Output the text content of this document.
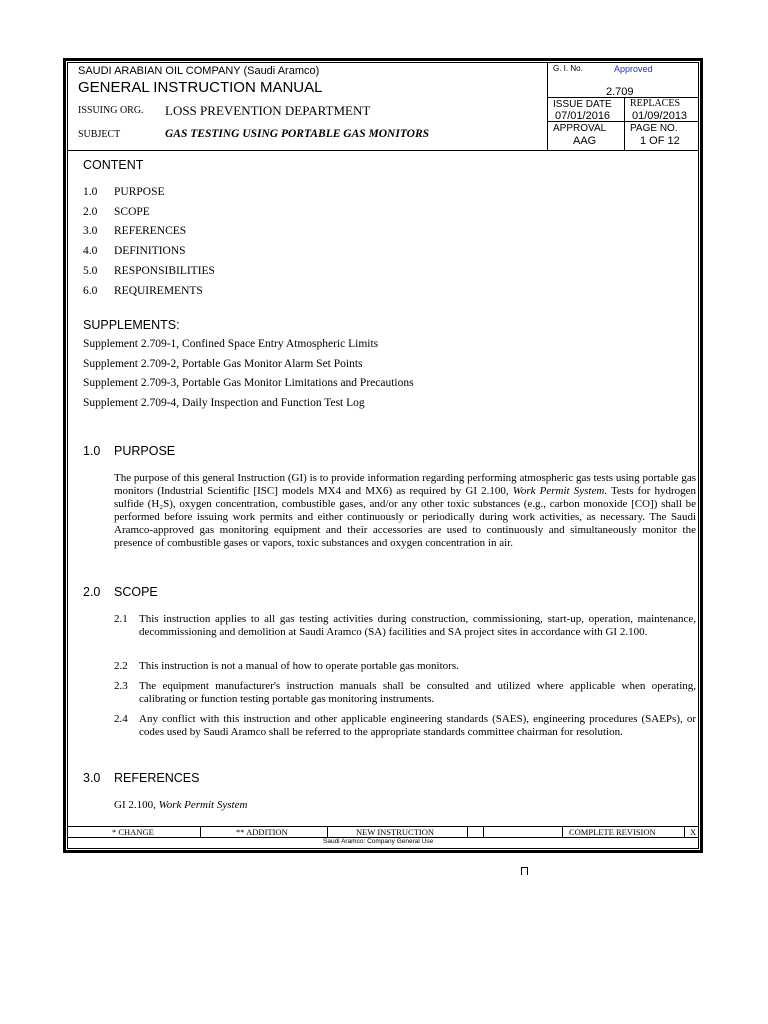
SAUDI ARABIAN OIL COMPANY (Saudi Aramco)
GENERAL INSTRUCTION MANUAL
ISSUING ORG. LOSS PREVENTION DEPARTMENT
SUBJECT	GAS TESTING USING PORTABLE GAS MONITORS
G. I. No.	Approved
2.709
ISSUE DATE
07/01/2016
REPLACES
01/09/2013
APPROVAL
AAG
PAGE NO.
1 OF 12
CONTENT
1.0 PURPOSE
2.0 SCOPE
3.0 REFERENCES
4.0 DEFINITIONS
5.0 RESPONSIBILITIES
6.0 REQUIREMENTS
SUPPLEMENTS:
Supplement 2.709-1, Confined Space Entry Atmospheric Limits
Supplement 2.709-2, Portable Gas Monitor Alarm Set Points
Supplement 2.709-3, Portable Gas Monitor Limitations and Precautions
Supplement 2.709-4, Daily Inspection and Function Test Log
1.0 PURPOSE
The purpose of this general Instruction (GI) is to provide information regarding performing atmospheric gas tests using portable gas monitors (Industrial Scientific [ISC] models MX4 and MX6) as required by GI 2.100, Work Permit System. Tests for hydrogen sulfide (H₂S), oxygen concentration, combustible gases, and/or any other toxic substances (e.g., carbon monoxide [CO]) shall be performed before issuing work permits and either continuously or periodically during work activities, as necessary. The Saudi Aramco-approved gas monitoring equipment and their accessories are used to continuously and simultaneously monitor the presence of combustible gases or vapors, toxic substances and oxygen concentration in air.
2.0 SCOPE
2.1 This instruction applies to all gas testing activities during construction, commissioning, start-up, operation, maintenance, decommissioning and demolition at Saudi Aramco (SA) facilities and SA project sites in accordance with GI 2.100.
2.2 This instruction is not a manual of how to operate portable gas monitors.
2.3 The equipment manufacturer's instruction manuals shall be consulted and utilized where applicable when operating, calibrating or function testing portable gas monitoring instruments.
2.4 Any conflict with this instruction and other applicable engineering standards (SAES), engineering procedures (SAEPs), or codes used by Saudi Aramco shall be referred to the appropriate standards committee chairman for resolution.
3.0 REFERENCES
GI 2.100, Work Permit System
* CHANGE	** ADDITION	NEW INSTRUCTION	COMPLETE REVISION	X
Saudi Aramco: Company General Use
